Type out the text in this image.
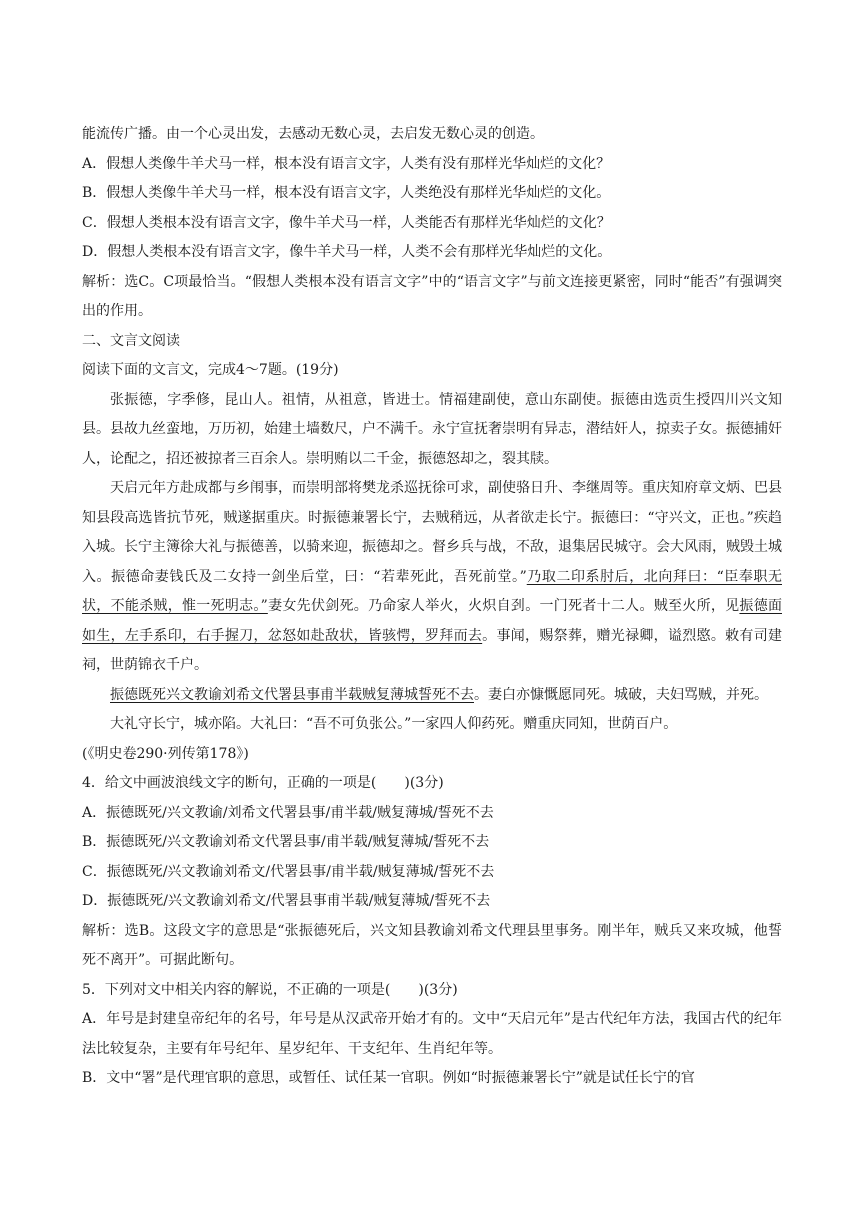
能流传广播。由一个心灵出发，去感动无数心灵，去启发无数心灵的创造。

A．假想人类像牛羊犬马一样，根本没有语言文字，人类有没有那样光华灿烂的文化？

B．假想人类像牛羊犬马一样，根本没有语言文字，人类绝没有那样光华灿烂的文化。

C．假想人类根本没有语言文字，像牛羊犬马一样，人类能否有那样光华灿烂的文化？

D．假想人类根本没有语言文字，像牛羊犬马一样，人类不会有那样光华灿烂的文化。

解析：选C。C项最恰当。“假想人类根本没有语言文字”中的“语言文字”与前文连接更紧密，同时“能否”有强调突出的作用。

二、文言文阅读

阅读下面的文言文，完成4～7题。(19分)

张振德，字季修，昆山人。祖情，从祖意，皆进士。情福建副使，意山东副使。振德由选贡生授四川兴文知县。县故九丝蛮地，万历初，始建土墙数尺，户不满千。永宁宣抚奢崇明有异志，潜结奸人，掠卖子女。振德捕奸人，论配之，招还被掠者三百余人。崇明贿以二千金，振德怒却之，裂其牍。

天启元年方赴成都与乡闱事，而崇明部将樊龙杀巡抚徐可求，副使骆日升、李继周等。重庆知府章文炳、巴县知县段高选皆抗节死，贼遂据重庆。时振德兼署长宁，去贼稍远，从者欲走长宁。振德曰：“守兴文，正也。”疾趋入城。长宁主簿徐大礼与振德善，以骑来迎，振德却之。督乡兵与战，不敌，退集居民城守。会大风雨，贼毁土城入。振德命妻钱氏及二女持一剑坐后堂，曰：“若辈死此，吾死前堂。”乃取二印系肘后，北向拜曰：“臣奉职无状，不能杀贼，惟一死明志。”妻女先伏剑死。乃命家人举火，火炽自刭。一门死者十二人。贼至火所，见振德面如生，左手系印，右手握刀，忿怒如赴敌状，皆骇愕，罗拜而去。事闻，赐祭葬，赠光禄卿，谥烈愍。敕有司建祠，世荫锦衣千户。

振德既死兴文教谕刘希文代署县事甫半载贼复薄城誓死不去。妻白亦慷慨愿同死。城破，夫妇骂贼，并死。

大礼守长宁，城亦陷。大礼曰：“吾不可负张公。”一家四人仰药死。赠重庆同知，世荫百户。

(《明史卷290·列传第178》)

4．给文中画波浪线文字的断句，正确的一项是(　　)(3分)

A．振德既死/兴文教谕/刘希文代署县事/甫半载/贼复薄城/誓死不去

B．振德既死/兴文教谕刘希文代署县事/甫半载/贼复薄城/誓死不去

C．振德既死/兴文教谕刘希文/代署县事/甫半载/贼复薄城/誓死不去

D．振德既死/兴文教谕刘希文/代署县事甫半载/贼复薄城/誓死不去

解析：选B。这段文字的意思是“张振德死后，兴文知县教谕刘希文代理县里事务。刚半年，贼兵又来攻城，他誓死不离开”。可据此断句。

5．下列对文中相关内容的解说，不正确的一项是(　　)(3分)

A．年号是封建皇帝纪年的名号，年号是从汉武帝开始才有的。文中“天启元年”是古代纪年方法，我国古代的纪年法比较复杂，主要有年号纪年、星岁纪年、干支纪年、生肖纪年等。

B．文中“署”是代理官职的意思，或暂任、试任某一官职。例如“时振德兼署长宁”就是试任长宁的官
